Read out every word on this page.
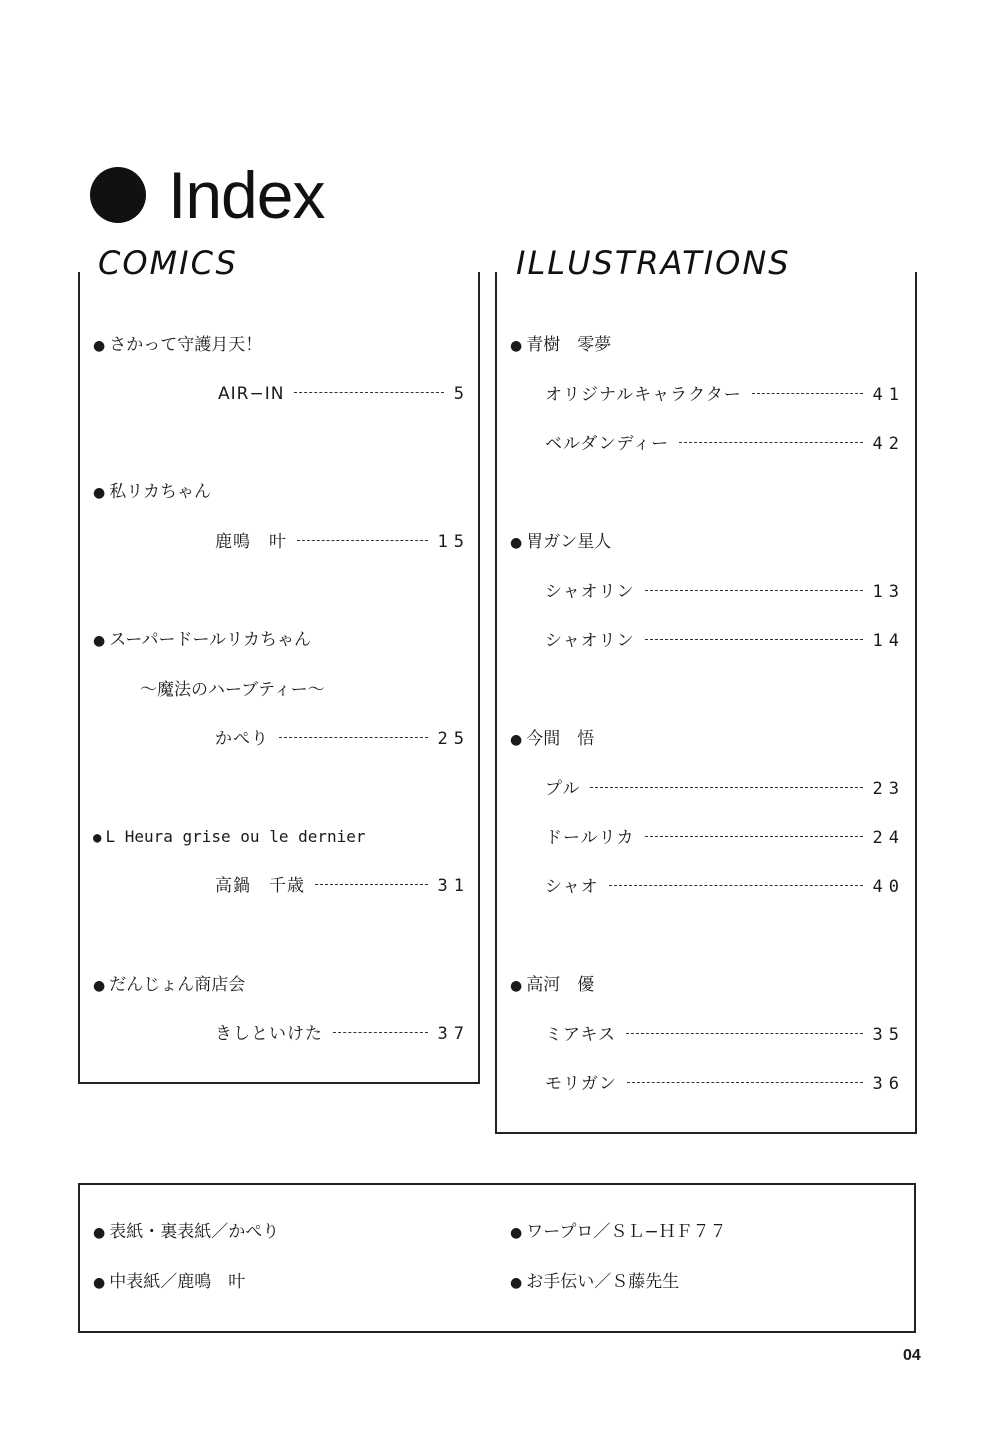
Index
COMICS
● さかって守護月天！
AIR−IN	5
● 私リカちゃん
鹿鳴　叶	15
● スーパードールリカちゃん
〜魔法のハーブティー〜
かぺり	25
● L Heura grise ou le dernier
高鍋　千歳	31
● だんじょん商店会
きしといけた	37
ILLUSTRATIONS
● 青樹　零夢
オリジナルキャラクター	41
ベルダンディー	42
● 胃ガン星人
シャオリン	13
シャオリン	14
● 今間　悟
プル	23
ドールリカ	24
シャオ	40
● 高河　優
ミアキス	35
モリガン	36
● 表紙・裏表紙／かぺり	● ワープロ／ＳＬ−ＨＦ７７
● 中表紙／鹿鳴　叶	● お手伝い／Ｓ藤先生
04
